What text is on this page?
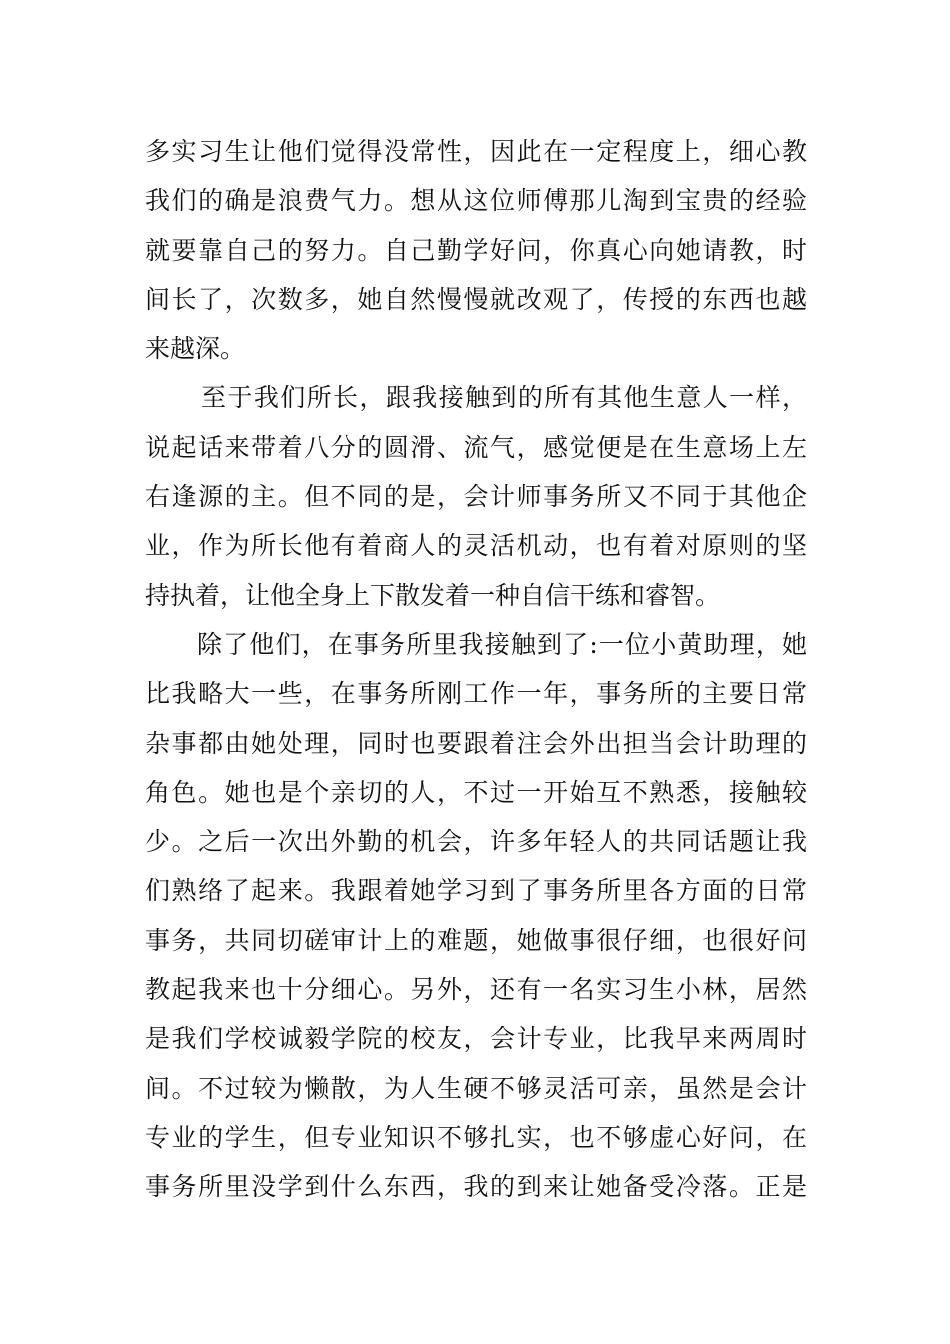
多实习生让他们觉得没常性，因此在一定程度上，细心教
我们的确是浪费气力。想从这位师傅那儿淘到宝贵的经验
就要靠自己的努力。自己勤学好问，你真心向她请教，时
间长了，次数多，她自然慢慢就改观了，传授的东西也越
来越深。
至于我们所长，跟我接触到的所有其他生意人一样，
说起话来带着八分的圆滑、流气，感觉便是在生意场上左
右逢源的主。但不同的是，会计师事务所又不同于其他企
业，作为所长他有着商人的灵活机动，也有着对原则的坚
持执着，让他全身上下散发着一种自信干练和睿智。
除了他们，在事务所里我接触到了:一位小黄助理，她
比我略大一些，在事务所刚工作一年，事务所的主要日常
杂事都由她处理，同时也要跟着注会外出担当会计助理的
角色。她也是个亲切的人，不过一开始互不熟悉，接触较
少。之后一次出外勤的机会，许多年轻人的共同话题让我
们熟络了起来。我跟着她学习到了事务所里各方面的日常
事务，共同切磋审计上的难题，她做事很仔细，也很好问
教起我来也十分细心。另外，还有一名实习生小林，居然
是我们学校诚毅学院的校友，会计专业，比我早来两周时
间。不过较为懒散，为人生硬不够灵活可亲，虽然是会计
专业的学生，但专业知识不够扎实，也不够虚心好问，在
事务所里没学到什么东西，我的到来让她备受冷落。正是
